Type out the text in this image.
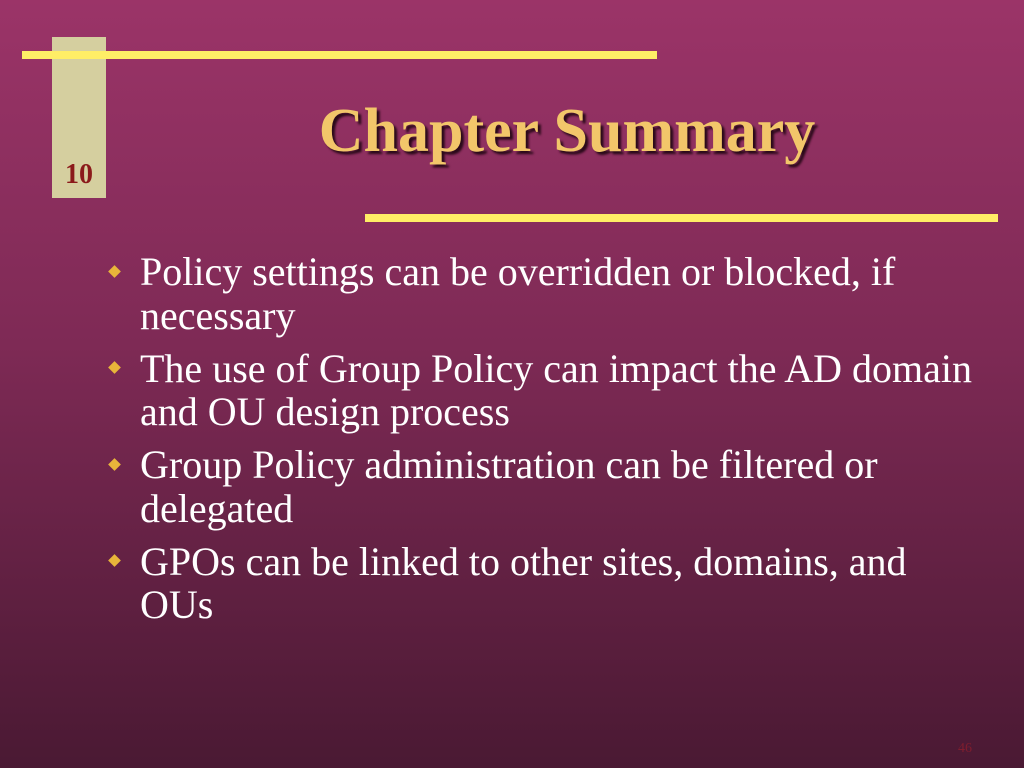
10
Chapter Summary
Policy settings can be overridden or blocked, if
necessary
The use of Group Policy can impact the AD domain
and OU design process
Group Policy administration can be filtered or
delegated
GPOs can be linked to other sites, domains, and
OUs
46
